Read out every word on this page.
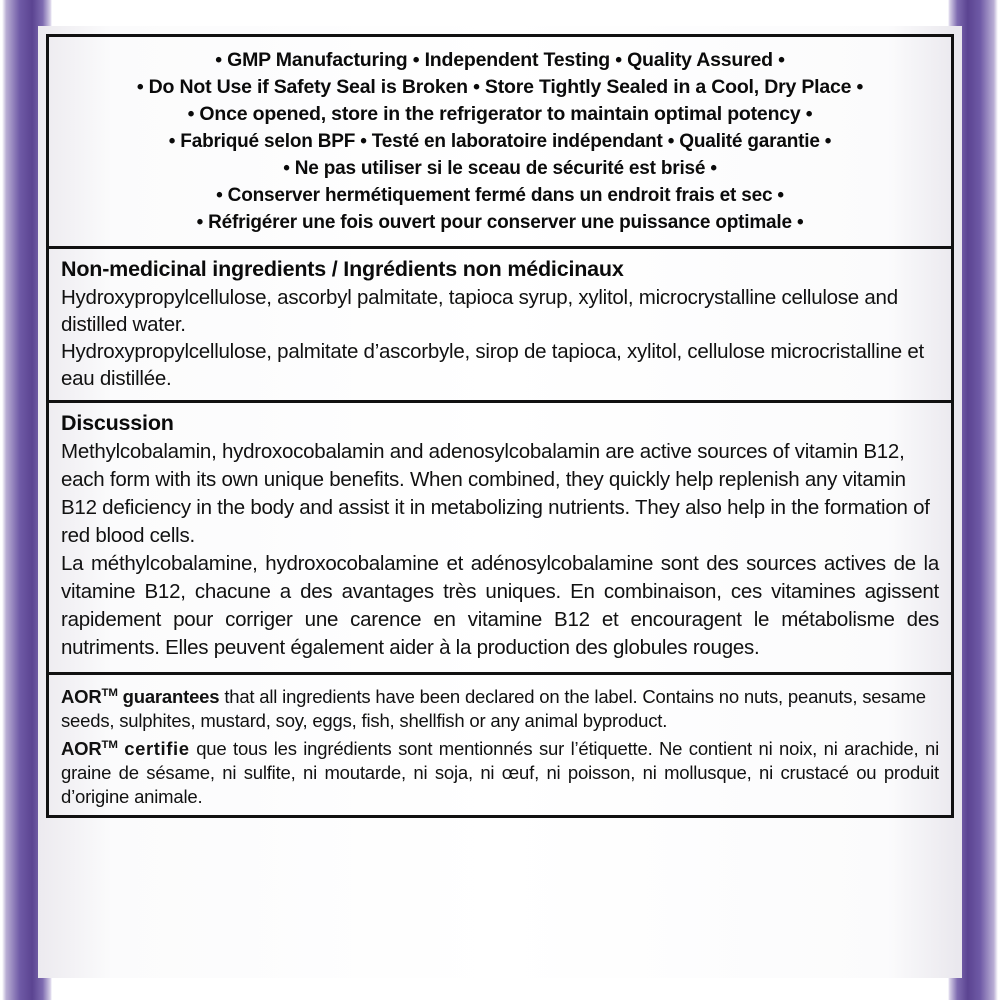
• GMP Manufacturing • Independent Testing • Quality Assured •
• Do Not Use if Safety Seal is Broken • Store Tightly Sealed in a Cool, Dry Place •
• Once opened, store in the refrigerator to maintain optimal potency •
• Fabriqué selon BPF • Testé en laboratoire indépendant • Qualité garantie •
• Ne pas utiliser si le sceau de sécurité est brisé •
• Conserver hermétiquement fermé dans un endroit frais et sec •
• Réfrigérer une fois ouvert pour conserver une puissance optimale •
Non-medicinal ingredients / Ingrédients non médicinaux

Hydroxypropylcellulose, ascorbyl palmitate, tapioca syrup, xylitol, microcrystalline cellulose and distilled water.

Hydroxypropylcellulose, palmitate d’ascorbyle, sirop de tapioca, xylitol, cellulose microcristalline et eau distillée.

Discussion

Methylcobalamin, hydroxocobalamin and adenosylcobalamin are active sources of vitamin B12, each form with its own unique benefits. When combined, they quickly help replenish any vitamin B12 deficiency in the body and assist it in metabolizing nutrients. They also help in the formation of red blood cells.

La méthylcobalamine, hydroxocobalamine et adénosylcobalamine sont des sources actives de la vitamine B12, chacune a des avantages très uniques. En combinaison, ces vitamines agissent rapidement pour corriger une carence en vitamine B12 et encouragent le métabolisme des nutriments. Elles peuvent également aider à la production des globules rouges.

AOR™ guarantees that all ingredients have been declared on the label. Contains no nuts, peanuts, sesame seeds, sulphites, mustard, soy, eggs, fish, shellfish or any animal byproduct.

AOR™ certifie que tous les ingrédients sont mentionnés sur l’étiquette. Ne contient ni noix, ni arachide, ni graine de sésame, ni sulfite, ni moutarde, ni soja, ni œuf, ni poisson, ni mollusque, ni crustacé ou produit d’origine animale.
